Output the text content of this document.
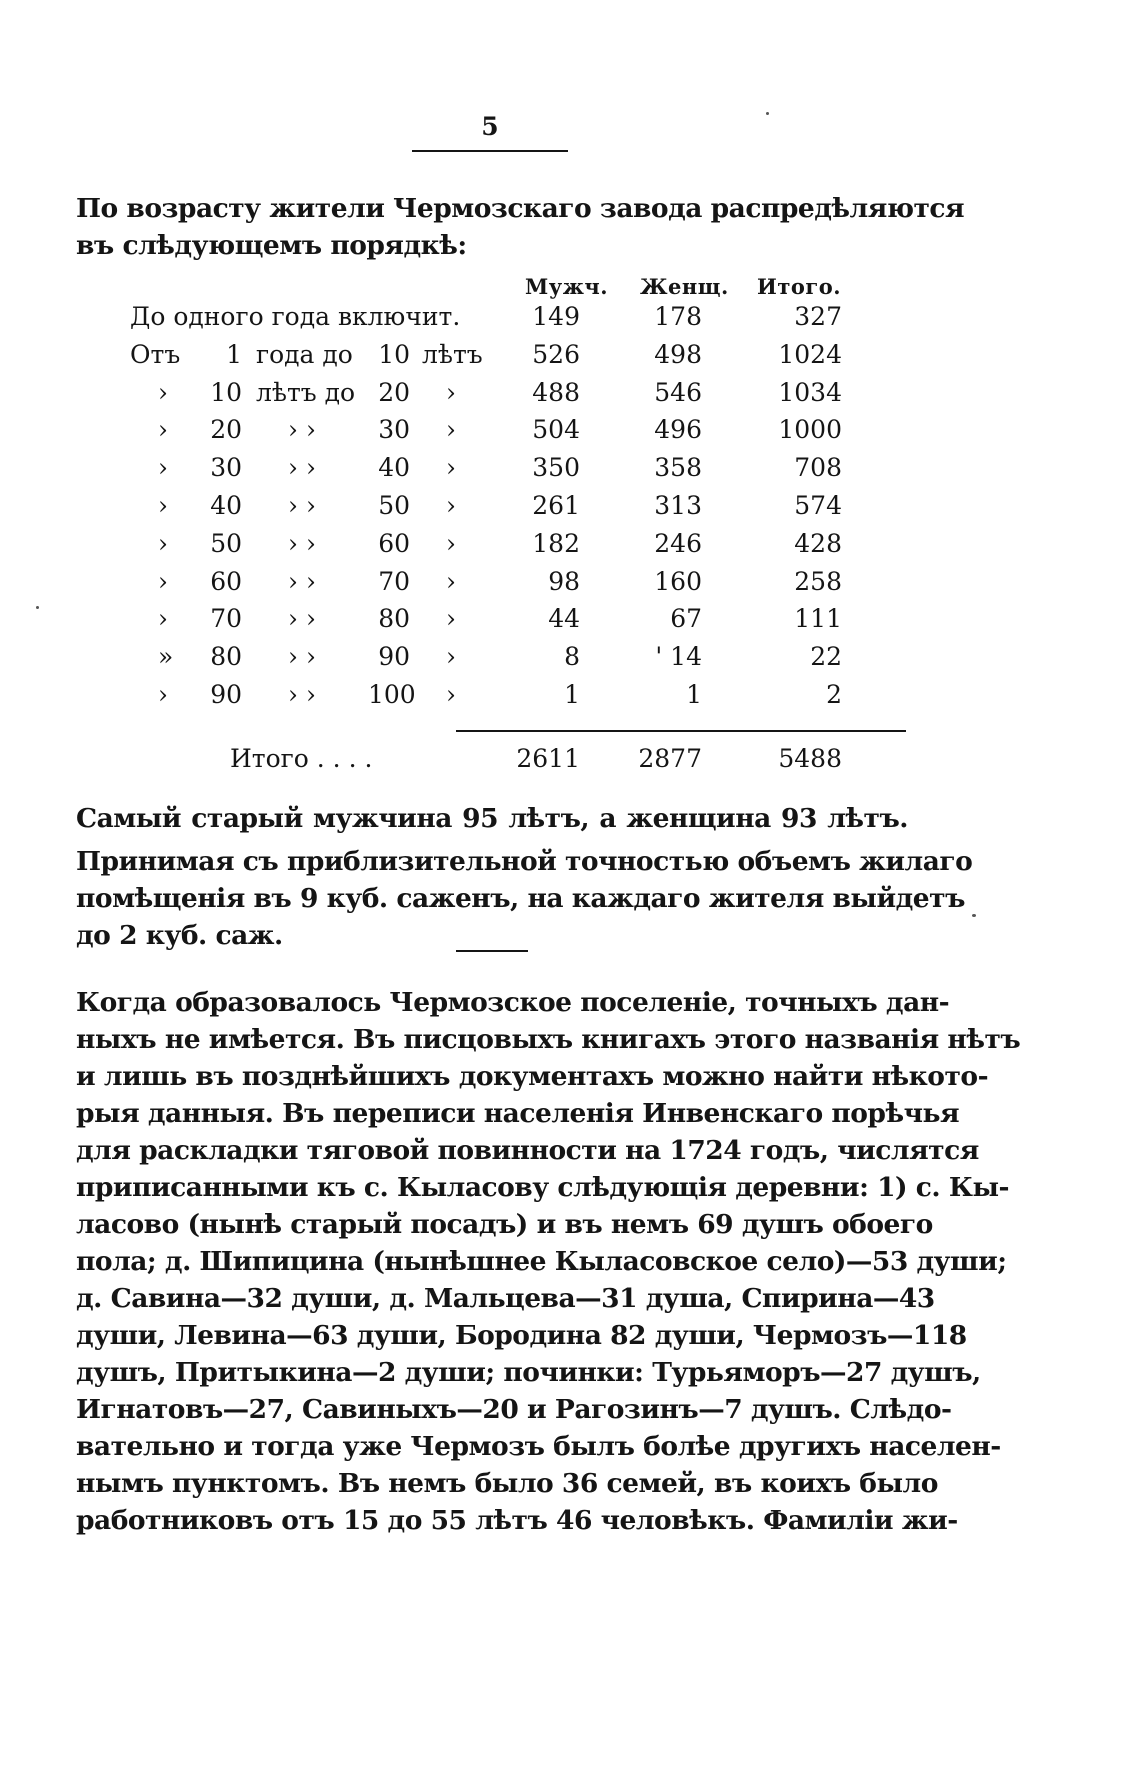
5
По возрасту жители Чермозскаго завода распредѣляются
въ слѣдующемъ порядкѣ:
Мужч. Женщ. Итого.
До одного года включит.	149	178	327
Отъ	1 года до	10 лѣтъ	526	498	1024
›	10 лѣтъ до 20 ›	488	546	1034
›	20 › ›	30 ›	504	496	1000
›	30 › ›	40 ›	350	358	708
›	40 › ›	50 ›	261	313	574
›	50 › ›	60 ›	182	246	428
›	60 › ›	70 ›	98	160	258
›	70 › ›	80 ›	44	67	111
»	80 › ›	90 ›	8	' 14	22
›	90 › › 100 ›	1	1	2
Итого . . . .	2611	2877	5488
Самый старый мужчина 95 лѣтъ, а женщина 93 лѣтъ.
Принимая съ приблизительной точностью объемъ жилаго
помѣщенія въ 9 куб. саженъ, на каждаго жителя выйдетъ
до 2 куб. саж.
Когда образовалось Чермозское поселеніе, точныхъ дан-
ныхъ не имѣется. Въ писцовыхъ книгахъ этого названія нѣтъ
и лишь въ позднѣйшихъ документахъ можно найти нѣкото-
рыя данныя. Въ переписи населенія Инвенскаго порѣчья
для раскладки тяговой повинности на 1724 годъ, числятся
приписанными къ с. Кыласову слѣдующія деревни: 1) с. Кы-
ласово (нынѣ старый посадъ) и въ немъ 69 душъ обоего
пола; д. Шипицина (нынѣшнее Кыласовское село)—53 души;
д. Савина—32 души, д. Мальцева—31 душа, Спирина—43
души, Левина—63 души, Бородина 82 души, Чермозъ—118
душъ, Притыкина—2 души; починки: Турьяморъ—27 душъ,
Игнатовъ—27, Савиныхъ—20 и Рагозинъ—7 душъ. Слѣдо-
вательно и тогда уже Чермозъ былъ болѣе другихъ населен-
нымъ пунктомъ. Въ немъ было 36 семей, въ коихъ было
работниковъ отъ 15 до 55 лѣтъ 46 человѣкъ. Фамиліи жи-
